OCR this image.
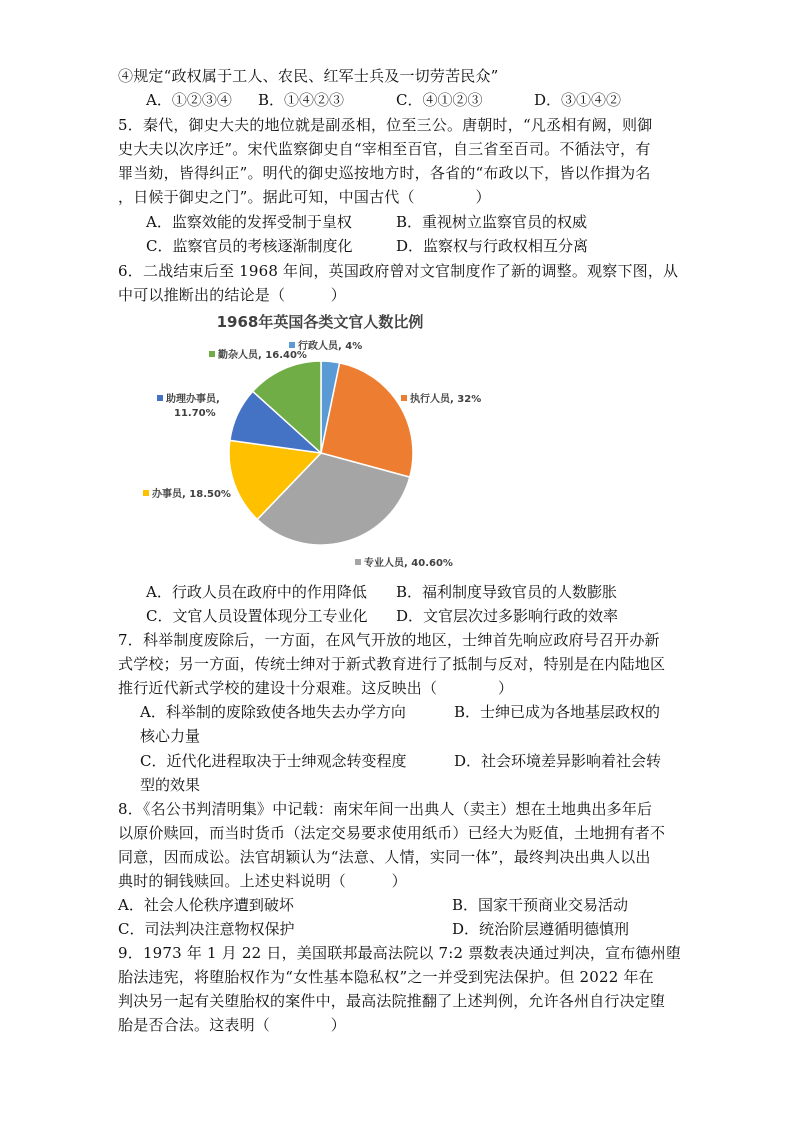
④规定“政权属于工人、农民、红军士兵及一切劳苦民众”
A．①②③④ B．①④②③	C．④①②③	D．③①④②
5．秦代，御史大夫的地位就是副丞相，位至三公。唐朝时，“凡丞相有阙，则御
史大夫以次序迁”。宋代监察御史自“宰相至百官，自三省至百司。不循法守，有
罪当劾，皆得纠正”。明代的御史巡按地方时，各省的“布政以下，皆以作揖为名
，日候于御史之门”。据此可知，中国古代（　　　　）
A．监察效能的发挥受制于皇权	B．重视树立监察官员的权威
C．监察官员的考核逐渐制度化	D．监察权与行政权相互分离
6．二战结束后至 1968 年间，英国政府曾对文官制度作了新的调整。观察下图，从
中可以推断出的结论是（　　　）
1968年英国各类文官人数比例
行政人员, 4%
执行人员, 32%
专业人员, 40.60%
办事员, 18.50%
助理办事员,
11.70%
勤杂人员, 16.40%
A．行政人员在政府中的作用降低 B．福利制度导致官员的人数膨胀
C．文官人员设置体现分工专业化 D．文官层次过多影响行政的效率
7．科举制度废除后，一方面，在风气开放的地区，士绅首先响应政府号召开办新
式学校；另一方面，传统士绅对于新式教育进行了抵制与反对，特别是在内陆地区
推行近代新式学校的建设十分艰难。这反映出（　　　　）
A．科举制的废除致使各地失去办学方向	B．士绅已成为各地基层政权的
核心力量
C．近代化进程取决于士绅观念转变程度	D．社会环境差异影响着社会转
型的效果
8．《名公书判清明集》中记载：南宋年间一出典人（卖主）想在土地典出多年后
以原价赎回，而当时货币（法定交易要求使用纸币）已经大为贬值，土地拥有者不
同意，因而成讼。法官胡颖认为“法意、人情，实同一体”，最终判决出典人以出
典时的铜钱赎回。上述史料说明（　　　）
A．社会人伦秩序遭到破坏	B．国家干预商业交易活动
C．司法判决注意物权保护	D．统治阶层遵循明德慎刑
9．1973 年 1 月 22 日，美国联邦最高法院以 7:2 票数表决通过判决，宣布德州堕
胎法违宪，将堕胎权作为“女性基本隐私权”之一并受到宪法保护。但 2022 年在
判决另一起有关堕胎权的案件中，最高法院推翻了上述判例，允许各州自行决定堕
胎是否合法。这表明（　　　　）
